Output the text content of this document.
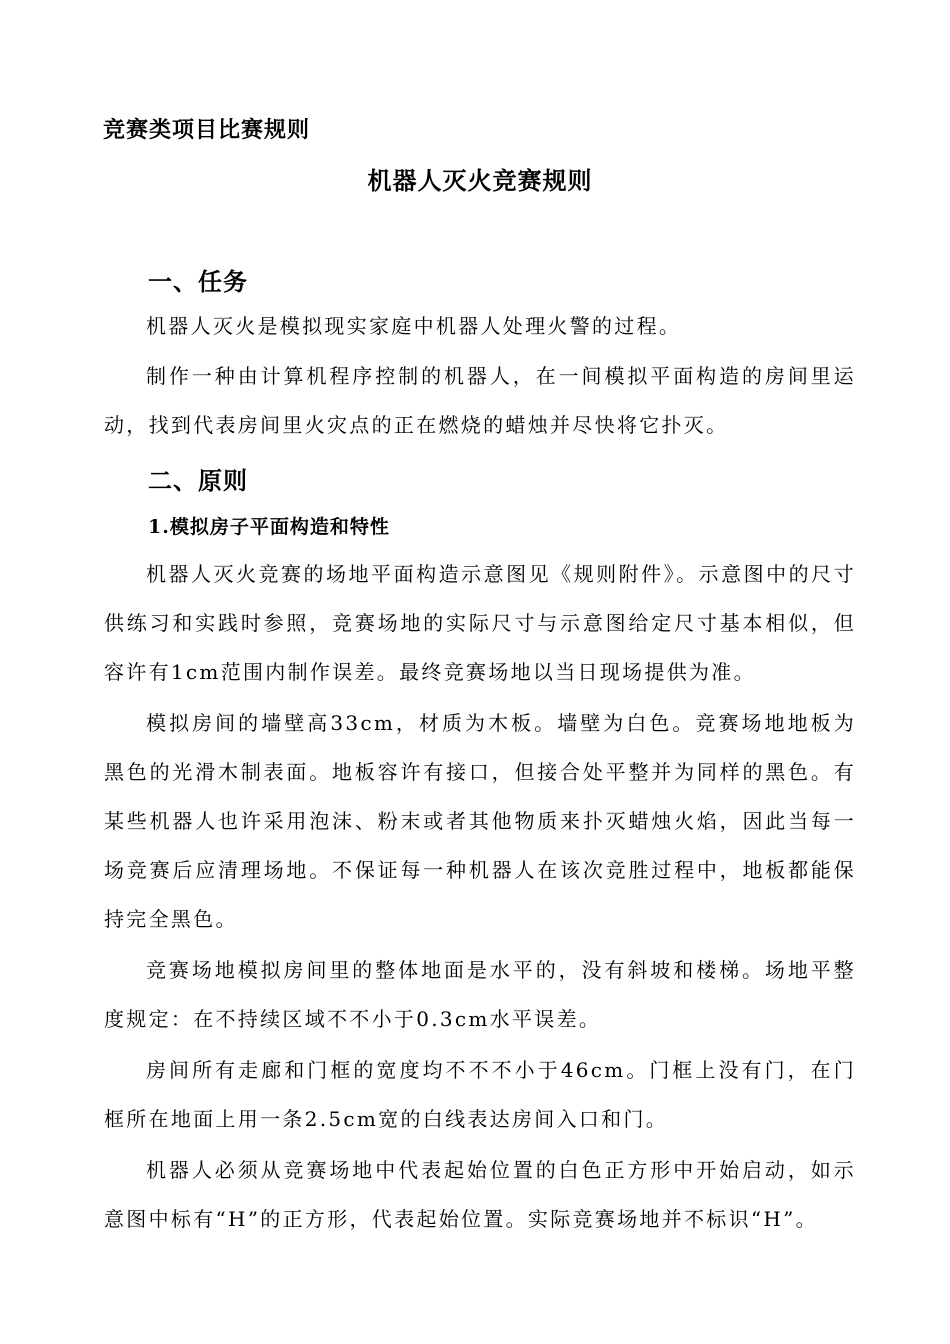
竞赛类项目比赛规则
机器人灭火竞赛规则
一、任务

机器人灭火是模拟现实家庭中机器人处理火警的过程。

制作一种由计算机程序控制的机器人，在一间模拟平面构造的房间里运动，找到代表房间里火灾点的正在燃烧的蜡烛并尽快将它扑灭。

二、原则
1.模拟房子平面构造和特性

机器人灭火竞赛的场地平面构造示意图见《规则附件》。示意图中的尺寸供练习和实践时参照，竞赛场地的实际尺寸与示意图给定尺寸基本相似，但容许有1cm范围内制作误差。最终竞赛场地以当日现场提供为准。

模拟房间的墙壁高33cm，材质为木板。墙壁为白色。竞赛场地地板为黑色的光滑木制表面。地板容许有接口，但接合处平整并为同样的黑色。有某些机器人也许采用泡沫、粉末或者其他物质来扑灭蜡烛火焰，因此当每一场竞赛后应清理场地。不保证每一种机器人在该次竞胜过程中，地板都能保持完全黑色。

竞赛场地模拟房间里的整体地面是水平的，没有斜坡和楼梯。场地平整度规定：在不持续区域不不小于0.3cm水平误差。

房间所有走廊和门框的宽度均不不不小于46cm。门框上没有门，在门框所在地面上用一条2.5cm宽的白线表达房间入口和门。

机器人必须从竞赛场地中代表起始位置的白色正方形中开始启动，如示意图中标有“H”的正方形，代表起始位置。实际竞赛场地并不标识“H”。
